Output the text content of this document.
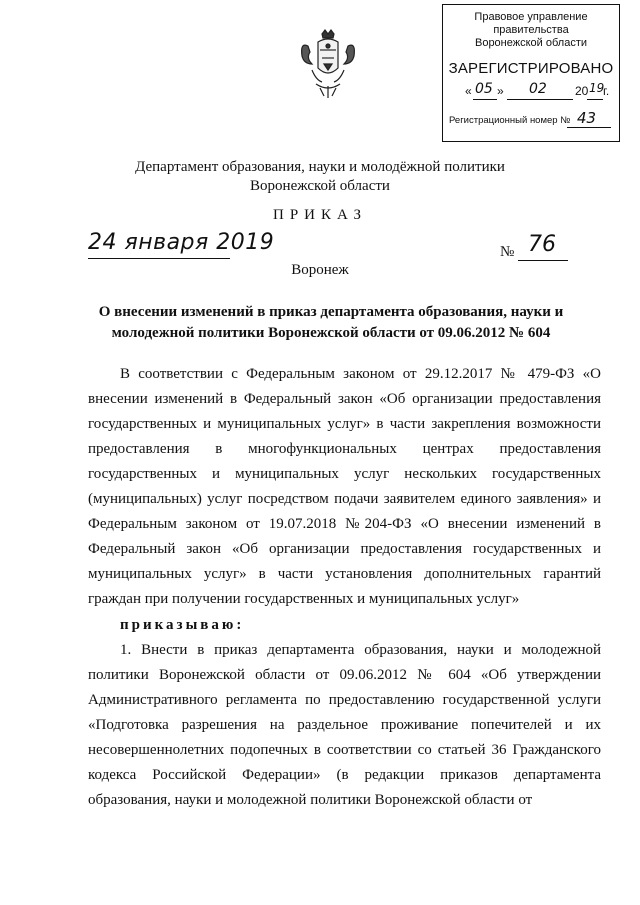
Правовое управление правительства
Воронежской области
ЗАРЕГИСТРИРОВАНО
« 05 » 02 20 19
г.
Регистрационный номер № 43
Департамент образования, науки и молодёжной политики
Воронежской области
ПРИКАЗ
24 января 2019	№ 76
Воронеж
О внесении изменений в приказ департамента образования, науки и
молодежной политики Воронежской области от 09.06.2012 № 604

В соответствии с Федеральным законом от 29.12.2017 № 479-ФЗ «О внесении изменений в Федеральный закон «Об организации предоставления государственных и муниципальных услуг» в части закрепления возможности предоставления в многофункциональных центрах предоставления государственных и муниципальных услуг нескольких государственных (муниципальных) услуг посредством подачи заявителем единого заявления» и Федеральным законом от 19.07.2018 №204-ФЗ «О внесении изменений в Федеральный закон «Об организации предоставления государственных и муниципальных услуг» в части установления дополнительных гарантий граждан при получении государственных и муниципальных услуг»

приказываю:

1. Внести в приказ департамента образования, науки и молодежной политики Воронежской области от 09.06.2012 № 604 «Об утверждении Административного регламента по предоставлению государственной услуги «Подготовка разрешения на раздельное проживание попечителей и их несовершеннолетних подопечных в соответствии со статьей 36 Гражданского кодекса Российской Федерации» (в редакции приказов департамента образования, науки и молодежной политики Воронежской области от
